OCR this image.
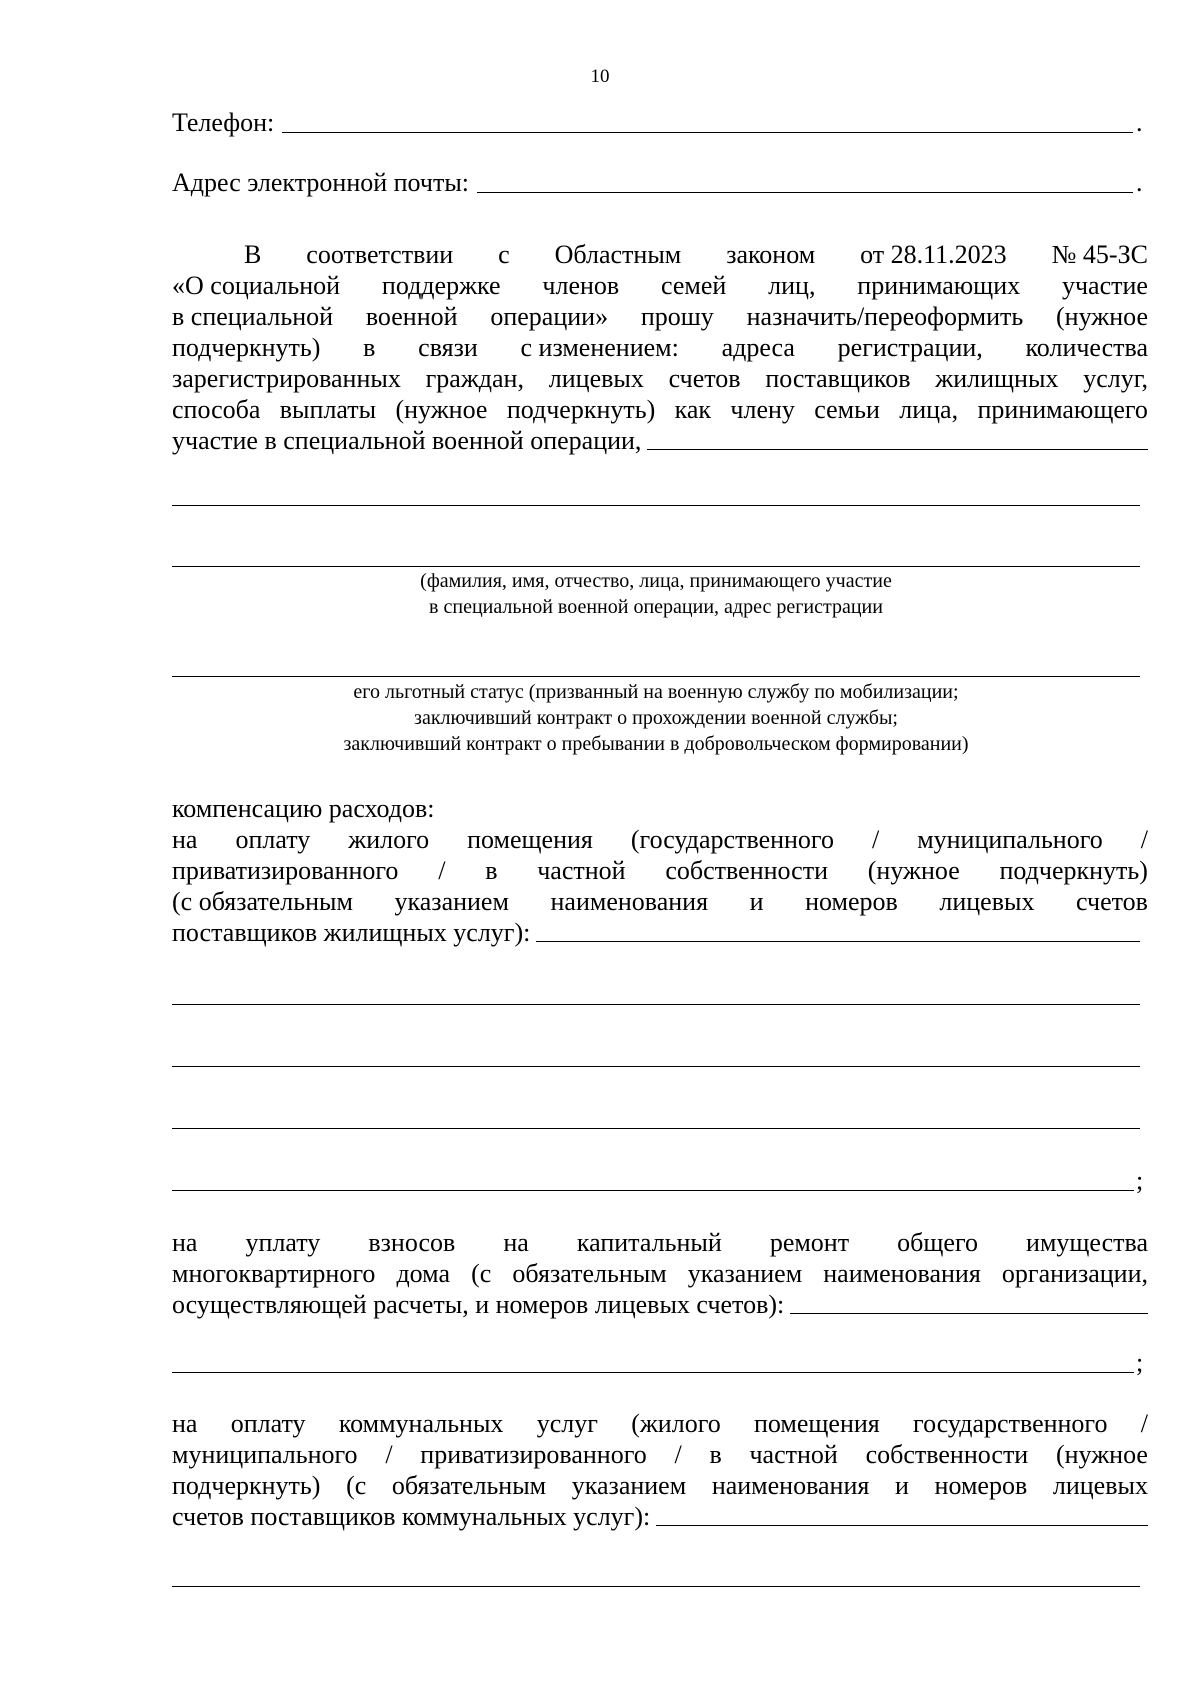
10
Телефон:	.
Адрес электронной почты:	.
В соответствии с Областным законом от 28.11.2023 № 45-ЗС
«О социальной поддержке членов семей лиц, принимающих участие
в специальной военной операции» прошу назначить/переоформить (нужное
подчеркнуть) в связи с изменением: адреса регистрации, количества
зарегистрированных граждан, лицевых счетов поставщиков жилищных услуг,
способа выплаты (нужное подчеркнуть) как члену семьи лица, принимающего
участие в специальной военной операции,
(фамилия, имя, отчество, лица, принимающего участие
в специальной военной операции, адрес регистрации
его льготный статус (призванный на военную службу по мобилизации;
заключивший контракт о прохождении военной службы;
заключивший контракт о пребывании в добровольческом формировании)
компенсацию расходов:
на оплату жилого помещения (государственного / муниципального /
приватизированного / в частной собственности (нужное подчеркнуть)
(с обязательным указанием наименования и номеров лицевых счетов
поставщиков жилищных услуг):
;
на уплату взносов на капитальный ремонт общего имущества
многоквартирного дома (с обязательным указанием наименования организации,
осуществляющей расчеты, и номеров лицевых счетов):
;
на оплату коммунальных услуг (жилого помещения государственного /
муниципального / приватизированного / в частной собственности (нужное
подчеркнуть) (с обязательным указанием наименования и номеров лицевых
счетов поставщиков коммунальных услуг):
